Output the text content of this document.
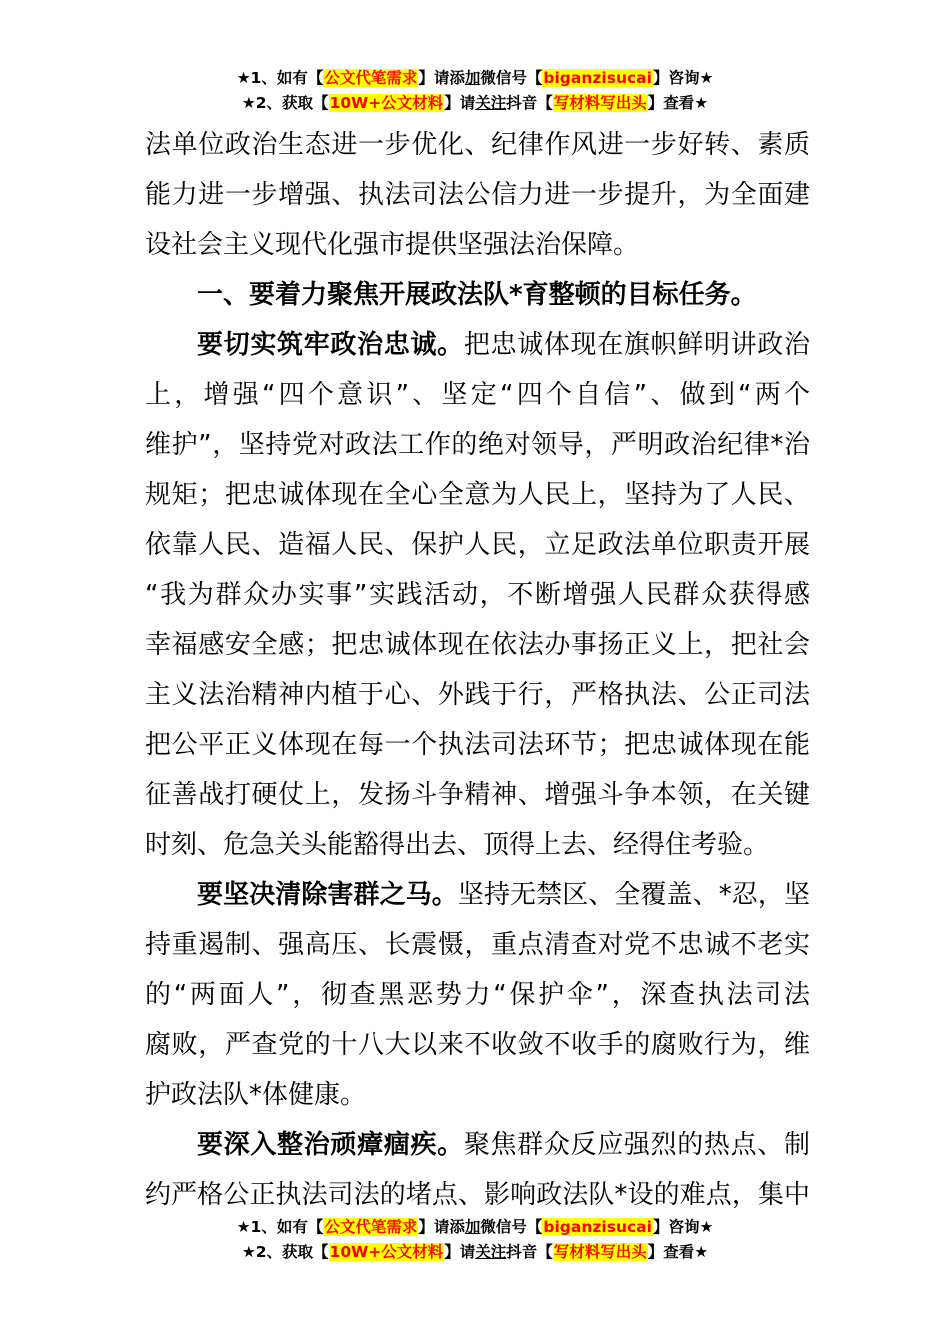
★1、如有【公文代笔需求】请添加微信号【biganzisucai】咨询★
★2、获取【10W+公文材料】请关注抖音【写材料写出头】查看★
法单位政治生态进一步优化、纪律作风进一步好转、素质
能力进一步增强、执法司法公信力进一步提升，为全面建
设社会主义现代化强市提供坚强法治保障。
一、要着力聚焦开展政法队*育整顿的目标任务。
要切实筑牢政治忠诚。把忠诚体现在旗帜鲜明讲政治
上，增强“四个意识”、坚定“四个自信”、做到“两个
维护”，坚持党对政法工作的绝对领导，严明政治纪律*治
规矩；把忠诚体现在全心全意为人民上，坚持为了人民、
依靠人民、造福人民、保护人民，立足政法单位职责开展
“我为群众办实事”实践活动，不断增强人民群众获得感
幸福感安全感；把忠诚体现在依法办事扬正义上，把社会
主义法治精神内植于心、外践于行，严格执法、公正司法
把公平正义体现在每一个执法司法环节；把忠诚体现在能
征善战打硬仗上，发扬斗争精神、增强斗争本领，在关键
时刻、危急关头能豁得出去、顶得上去、经得住考验。
要坚决清除害群之马。坚持无禁区、全覆盖、*忍，坚
持重遏制、强高压、长震慑，重点清查对党不忠诚不老实
的“两面人”，彻查黑恶势力“保护伞”，深查执法司法
腐败，严查党的十八大以来不收敛不收手的腐败行为，维
护政法队*体健康。
要深入整治顽瘴痼疾。聚焦群众反应强烈的热点、制
约严格公正执法司法的堵点、影响政法队*设的难点，集中
★1、如有【公文代笔需求】请添加微信号【biganzisucai】咨询★
★2、获取【10W+公文材料】请关注抖音【写材料写出头】查看★
